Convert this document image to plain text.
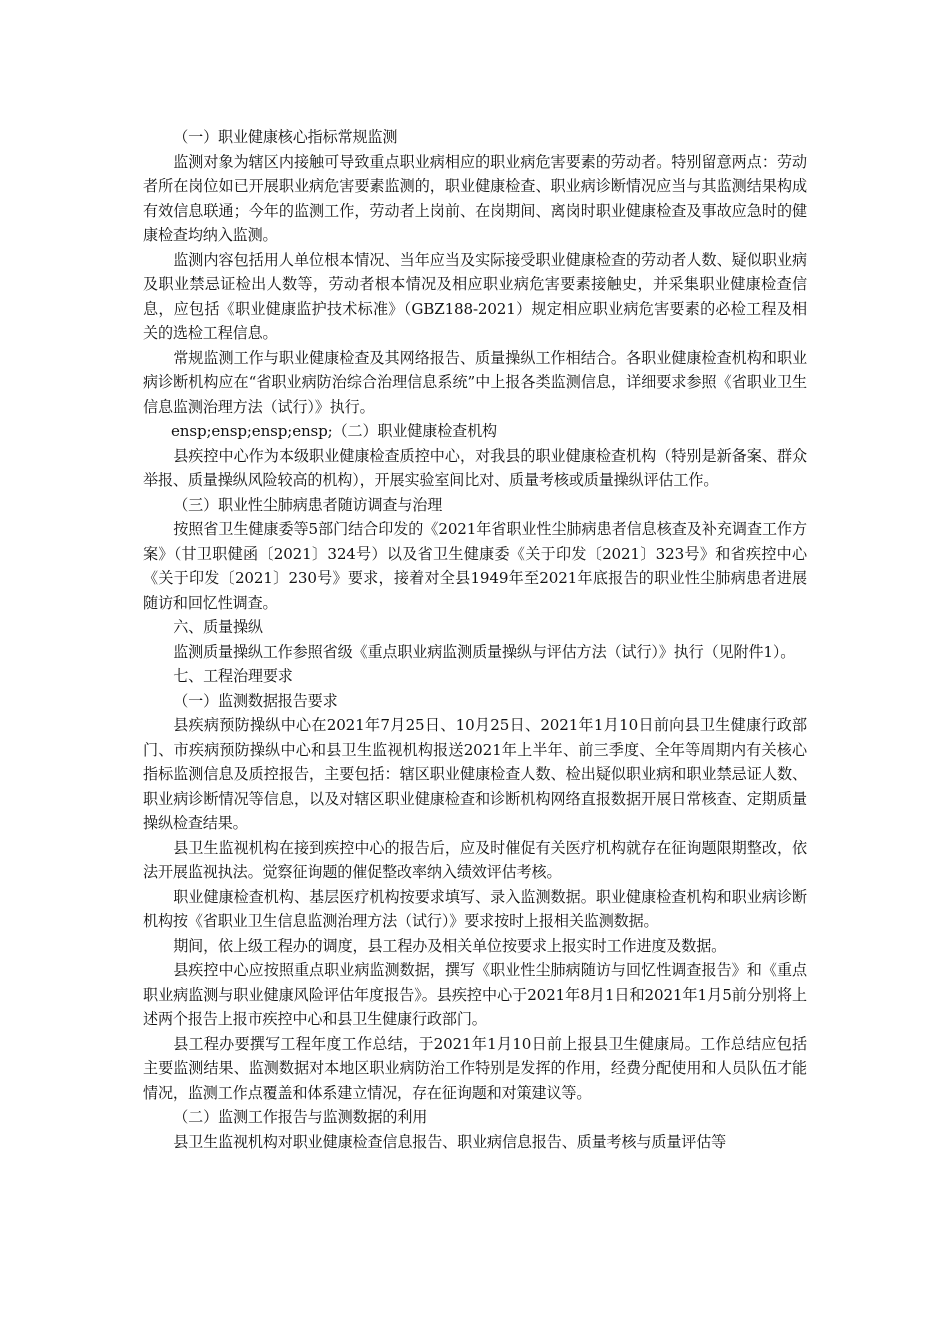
（一）职业健康核心指标常规监测

监测对象为辖区内接触可导致重点职业病相应的职业病危害要素的劳动者。特别留意两点：劳动者所在岗位如已开展职业病危害要素监测的，职业健康检查、职业病诊断情况应当与其监测结果构成有效信息联通；今年的监测工作，劳动者上岗前、在岗期间、离岗时职业健康检查及事故应急时的健康检查均纳入监测。

监测内容包括用人单位根本情况、当年应当及实际接受职业健康检查的劳动者人数、疑似职业病及职业禁忌证检出人数等，劳动者根本情况及相应职业病危害要素接触史，并采集职业健康检查信息，应包括《职业健康监护技术标准》（GBZ188-2021）规定相应职业病危害要素的必检工程及相关的选检工程信息。

常规监测工作与职业健康检查及其网络报告、质量操纵工作相结合。各职业健康检查机构和职业病诊断机构应在“省职业病防治综合治理信息系统”中上报各类监测信息，详细要求参照《省职业卫生信息监测治理方法（试行）》执行。

ensp;ensp;ensp;ensp;（二）职业健康检查机构

县疾控中心作为本级职业健康检查质控中心，对我县的职业健康检查机构（特别是新备案、群众举报、质量操纵风险较高的机构），开展实验室间比对、质量考核或质量操纵评估工作。

（三）职业性尘肺病患者随访调查与治理

按照省卫生健康委等5部门结合印发的《2021年省职业性尘肺病患者信息核查及补充调查工作方案》（甘卫职健函〔2021〕324号）以及省卫生健康委《关于印发〔2021〕323号》和省疾控中心《关于印发〔2021〕230号》要求，接着对全县1949年至2021年底报告的职业性尘肺病患者进展随访和回忆性调查。

六、质量操纵

监测质量操纵工作参照省级《重点职业病监测质量操纵与评估方法（试行）》执行（见附件1）。

七、工程治理要求

（一）监测数据报告要求

县疾病预防操纵中心在2021年7月25日、10月25日、2021年1月10日前向县卫生健康行政部门、市疾病预防操纵中心和县卫生监视机构报送2021年上半年、前三季度、全年等周期内有关核心指标监测信息及质控报告，主要包括：辖区职业健康检查人数、检出疑似职业病和职业禁忌证人数、职业病诊断情况等信息，以及对辖区职业健康检查和诊断机构网络直报数据开展日常核查、定期质量操纵检查结果。

县卫生监视机构在接到疾控中心的报告后，应及时催促有关医疗机构就存在征询题限期整改，依法开展监视执法。觉察征询题的催促整改率纳入绩效评估考核。

职业健康检查机构、基层医疗机构按要求填写、录入监测数据。职业健康检查机构和职业病诊断机构按《省职业卫生信息监测治理方法（试行）》要求按时上报相关监测数据。

期间，依上级工程办的调度，县工程办及相关单位按要求上报实时工作进度及数据。

县疾控中心应按照重点职业病监测数据，撰写《职业性尘肺病随访与回忆性调查报告》和《重点职业病监测与职业健康风险评估年度报告》。县疾控中心于2021年8月1日和2021年1月5前分别将上述两个报告上报市疾控中心和县卫生健康行政部门。

县工程办要撰写工程年度工作总结，于2021年1月10日前上报县卫生健康局。工作总结应包括主要监测结果、监测数据对本地区职业病防治工作特别是发挥的作用，经费分配使用和人员队伍才能情况，监测工作点覆盖和体系建立情况，存在征询题和对策建议等。

（二）监测工作报告与监测数据的利用

县卫生监视机构对职业健康检查信息报告、职业病信息报告、质量考核与质量评估等
